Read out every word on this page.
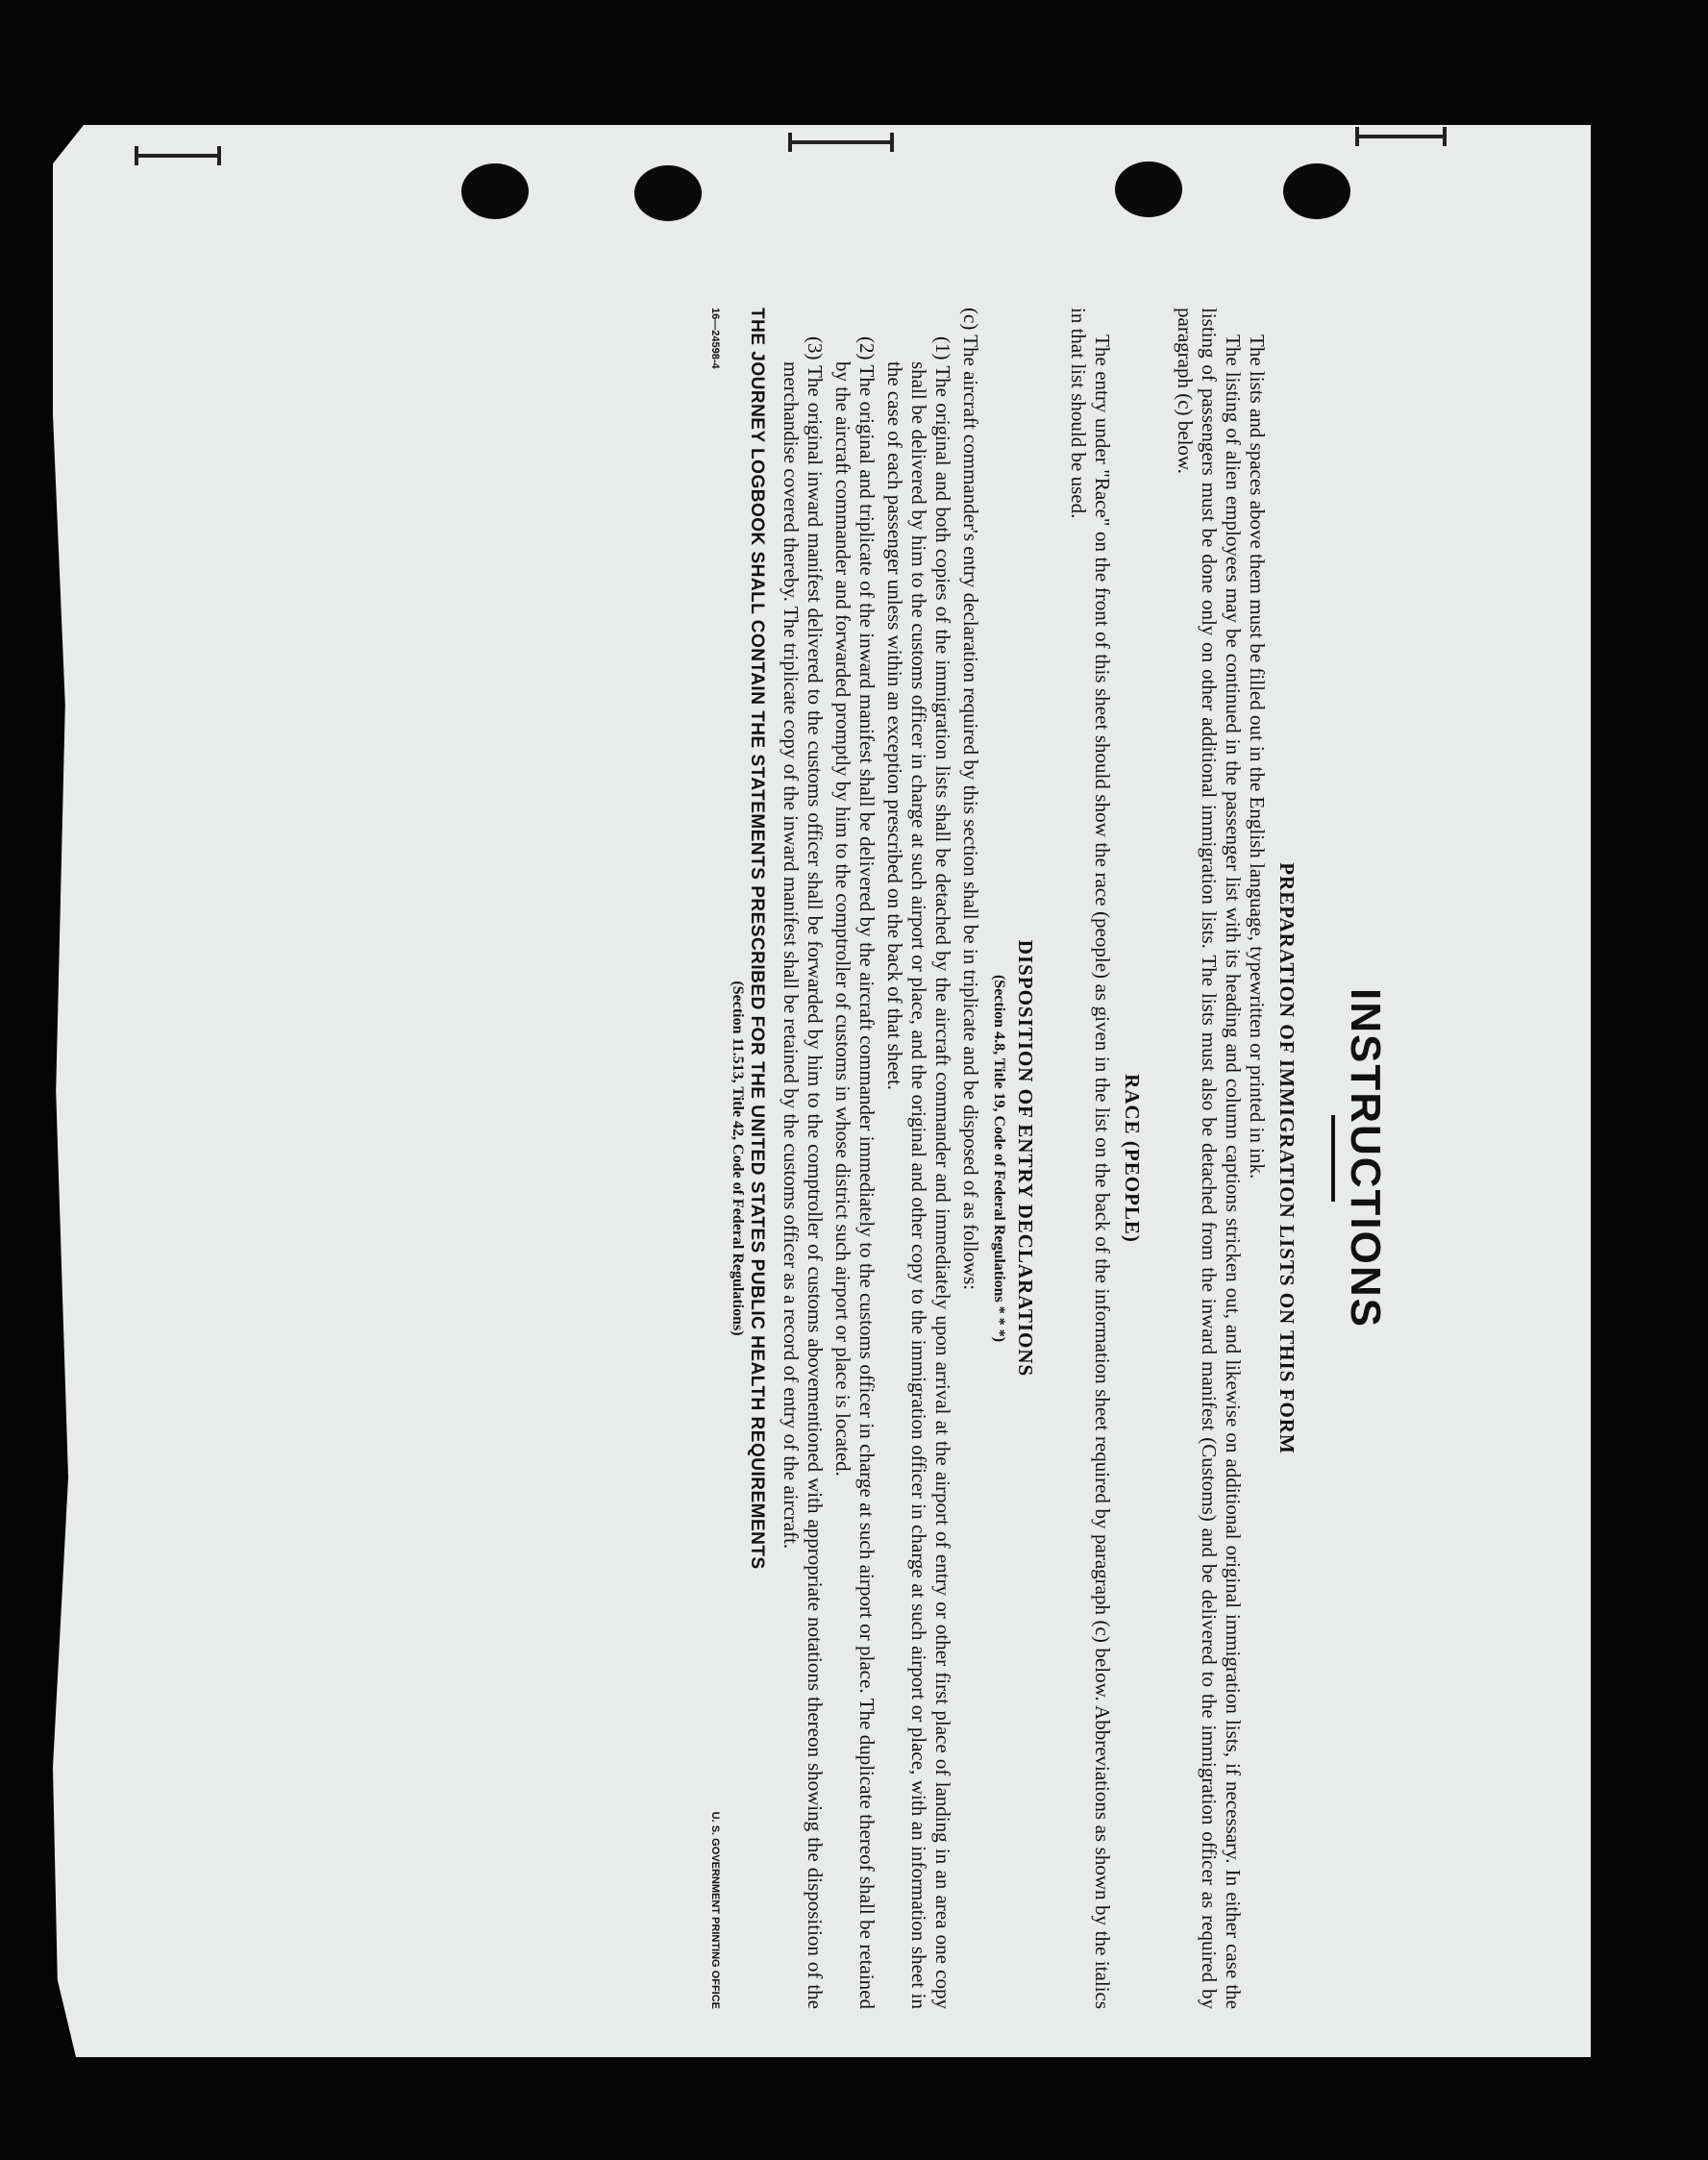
INSTRUCTIONS
PREPARATION OF IMMIGRATION LISTS ON THIS FORM

The lists and spaces above them must be filled out in the English language, typewritten or printed in ink.

The listing of alien employees may be continued in the passenger list with its heading and column captions stricken out, and likewise on additional original immigration lists, if necessary. In either case the listing of passengers must be done only on other additional immigration lists. The lists must also be detached from the inward manifest (Customs) and be delivered to the immigration officer as required by paragraph (c) below.

RACE (PEOPLE)

The entry under "Race" on the front of this sheet should show the race (people) as given in the list on the back of the information sheet required by paragraph (c) below. Abbreviations as shown by the italics in that list should be used.

DISPOSITION OF ENTRY DECLARATIONS
(Section 4.8, Title 19, Code of Federal Regulations * * *)

(c) The aircraft commander's entry declaration required by this section shall be in triplicate and be disposed of as follows:

(1) The original and both copies of the immigration lists shall be detached by the aircraft commander and immediately upon arrival at the airport of entry or other first place of landing in an area one copy shall be delivered by him to the customs officer in charge at such airport or place, and the original and other copy to the immigration officer in charge at such airport or place, with an information sheet in the case of each passenger unless within an exception prescribed on the back of that sheet.

(2) The original and triplicate of the inward manifest shall be delivered by the aircraft commander immediately to the customs officer in charge at such airport or place. The duplicate thereof shall be retained by the aircraft commander and forwarded promptly by him to the comptroller of customs in whose district such airport or place is located.

(3) The original inward manifest delivered to the customs officer shall be forwarded by him to the comptroller of customs abovementioned with appropriate notations thereon showing the disposition of the merchandise covered thereby. The triplicate copy of the inward manifest shall be retained by the customs officer as a record of entry of the aircraft.

THE JOURNEY LOGBOOK SHALL CONTAIN THE STATEMENTS PRESCRIBED FOR THE UNITED STATES PUBLIC HEALTH REQUIREMENTS
(Section 11.513, Title 42, Code of Federal Regulations)
16—24598-4
U. S. GOVERNMENT PRINTING OFFICE
